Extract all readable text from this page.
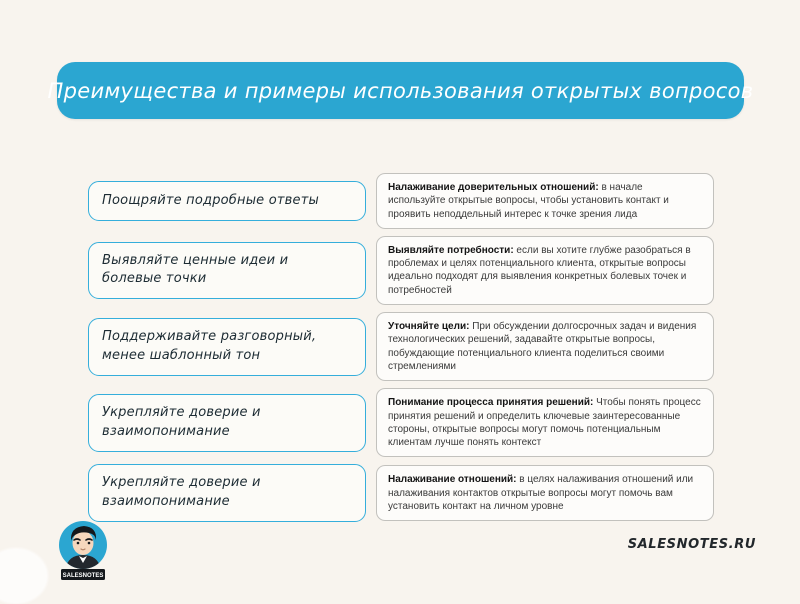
Преимущества и примеры использования открытых вопросов
Поощряйте подробные ответы
Налаживание доверительных отношений: в начале используйте открытые вопросы, чтобы установить контакт и проявить неподдельный интерес к точке зрения лида
Выявляйте ценные идеи и болевые точки
Выявляйте потребности: если вы хотите глубже разобраться в проблемах и целях потенциального клиента, открытые вопросы идеально подходят для выявления конкретных болевых точек и потребностей
Поддерживайте разговорный, менее шаблонный тон
Уточняйте цели: При обсуждении долгосрочных задач и видения технологических решений, задавайте открытые вопросы, побуждающие потенциального клиента поделиться своими стремлениями
Укрепляйте доверие и взаимопонимание
Понимание процесса принятия решений: Чтобы понять процесс принятия решений и определить ключевые заинтересованные стороны, открытые вопросы могут помочь потенциальным клиентам лучше понять контекст
Укрепляйте доверие и взаимопонимание
Налаживание отношений: в целях налаживания отношений или налаживания контактов открытые вопросы могут помочь вам установить контакт на личном уровне
SALESNOTES
SALESNOTES.RU
